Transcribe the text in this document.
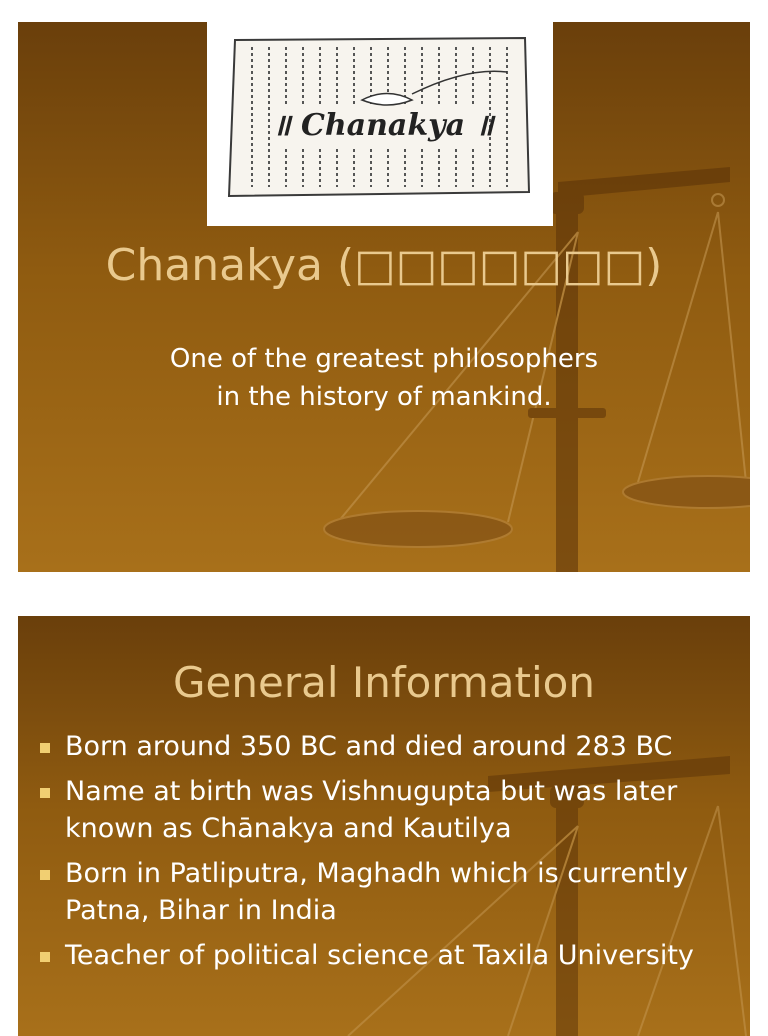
॥ Chanakya ॥
Chanakya (□□□□□□□)
One of the greatest philosophers
in the history of mankind.
General Information
Born around 350 BC and died around 283 BC
Name at birth was Vishnugupta but was later known as Chānakya and Kautilya
Born in Patliputra, Maghadh which is currently Patna, Bihar in India
Teacher of political science at Taxila University
